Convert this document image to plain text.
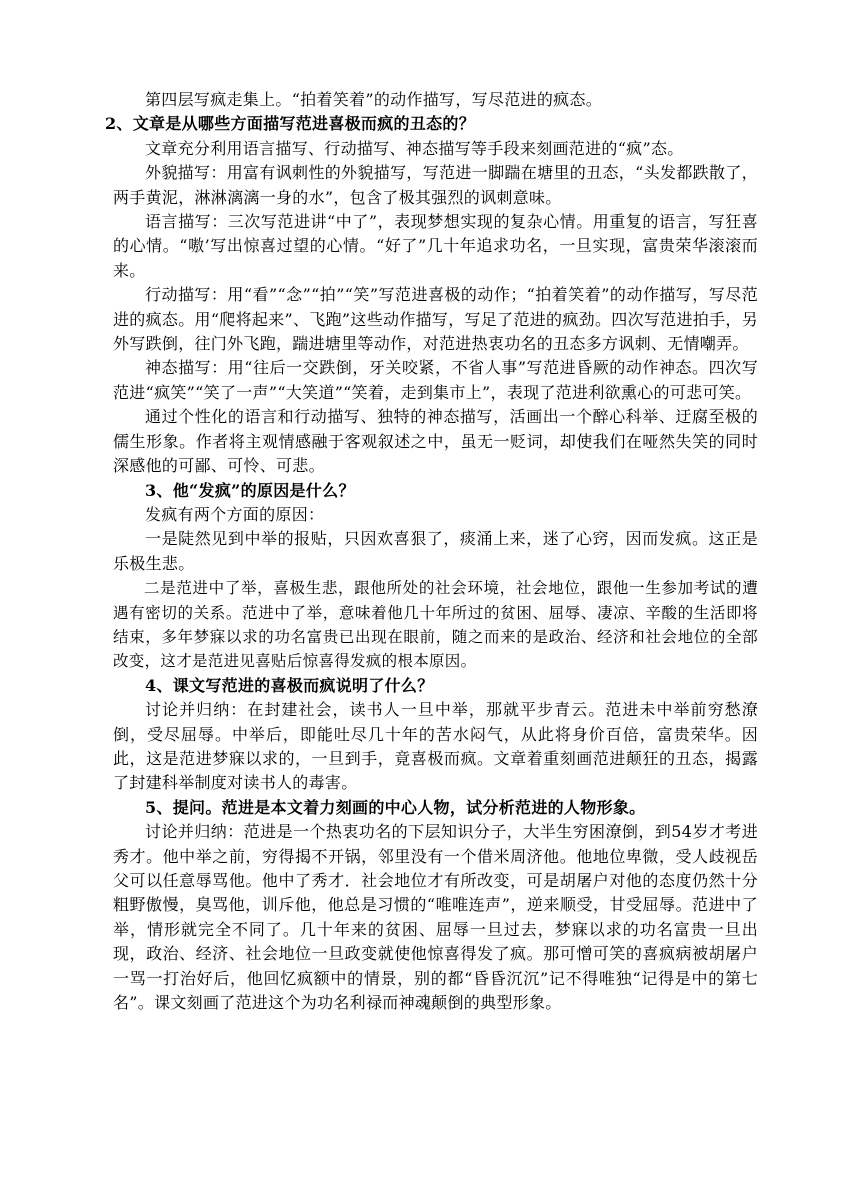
第四层写疯走集上。“拍着笑着”的动作描写，写尽范进的疯态。

2、文章是从哪些方面描写范进喜极而疯的丑态的？

文章充分利用语言描写、行动描写、神态描写等手段来刻画范进的“疯”态。

外貌描写：用富有讽刺性的外貌描写，写范进一脚踹在塘里的丑态，“头发都跌散了，两手黄泥，淋淋漓漓一身的水”，包含了极其强烈的讽刺意味。

语言描写：三次写范进讲“中了”，表现梦想实现的复杂心情。用重复的语言，写狂喜的心情。“嗷’写出惊喜过望的心情。“好了”几十年追求功名，一旦实现，富贵荣华滚滚而来。

行动描写：用“看”“念”“拍”“笑”写范进喜极的动作；“拍着笑着”的动作描写，写尽范进的疯态。用“爬将起来”、飞跑”这些动作描写，写足了范进的疯劲。四次写范进拍手，另外写跌倒，往门外飞跑，踹进塘里等动作，对范进热衷功名的丑态多方讽刺、无情嘲弄。

神态描写：用“往后一交跌倒，牙关咬紧，不省人事”写范进昏厥的动作神态。四次写范进“疯笑”“笑了一声”“大笑道”“笑着，走到集市上”，表现了范进利欲熏心的可悲可笑。

通过个性化的语言和行动描写、独特的神态描写，活画出一个醉心科举、迂腐至极的儒生形象。作者将主观情感融于客观叙述之中，虽无一贬词，却使我们在哑然失笑的同时深感他的可鄙、可怜、可悲。

3、他“发疯”的原因是什么？

发疯有两个方面的原因：

一是陡然见到中举的报贴，只因欢喜狠了，痰涌上来，迷了心窍，因而发疯。这正是乐极生悲。

二是范进中了举，喜极生悲，跟他所处的社会环境，社会地位，跟他一生参加考试的遭遇有密切的关系。范进中了举，意味着他几十年所过的贫困、屈辱、凄凉、辛酸的生活即将结束，多年梦寐以求的功名富贵已出现在眼前，随之而来的是政治、经济和社会地位的全部改变，这才是范进见喜贴后惊喜得发疯的根本原因。

4、课文写范进的喜极而疯说明了什么？

讨论并归纳：在封建社会，读书人一旦中举，那就平步青云。范进未中举前穷愁潦倒，受尽屈辱。中举后，即能吐尽几十年的苦水闷气，从此将身价百倍，富贵荣华。因此，这是范进梦寐以求的，一旦到手，竟喜极而疯。文章着重刻画范进颠狂的丑态，揭露了封建科举制度对读书人的毒害。

5、提问。范进是本文着力刻画的中心人物，试分析范进的人物形象。

讨论并归纳：范进是一个热衷功名的下层知识分子，大半生穷困潦倒，到54岁才考进秀才。他中举之前，穷得揭不开锅，邻里没有一个借米周济他。他地位卑微，受人歧视岳父可以任意辱骂他。他中了秀才．社会地位才有所改变，可是胡屠户对他的态度仍然十分粗野傲慢，臭骂他，训斥他，他总是习惯的“唯唯连声”，逆来顺受，甘受屈辱。范进中了举，情形就完全不同了。几十年来的贫困、屈辱一旦过去，梦寐以求的功名富贵一旦出现，政治、经济、社会地位一旦政变就使他惊喜得发了疯。那可憎可笑的喜疯病被胡屠户一骂一打治好后，他回忆疯额中的情景，别的都“昏昏沉沉”记不得唯独“记得是中的第七名”。课文刻画了范进这个为功名利禄而神魂颠倒的典型形象。
